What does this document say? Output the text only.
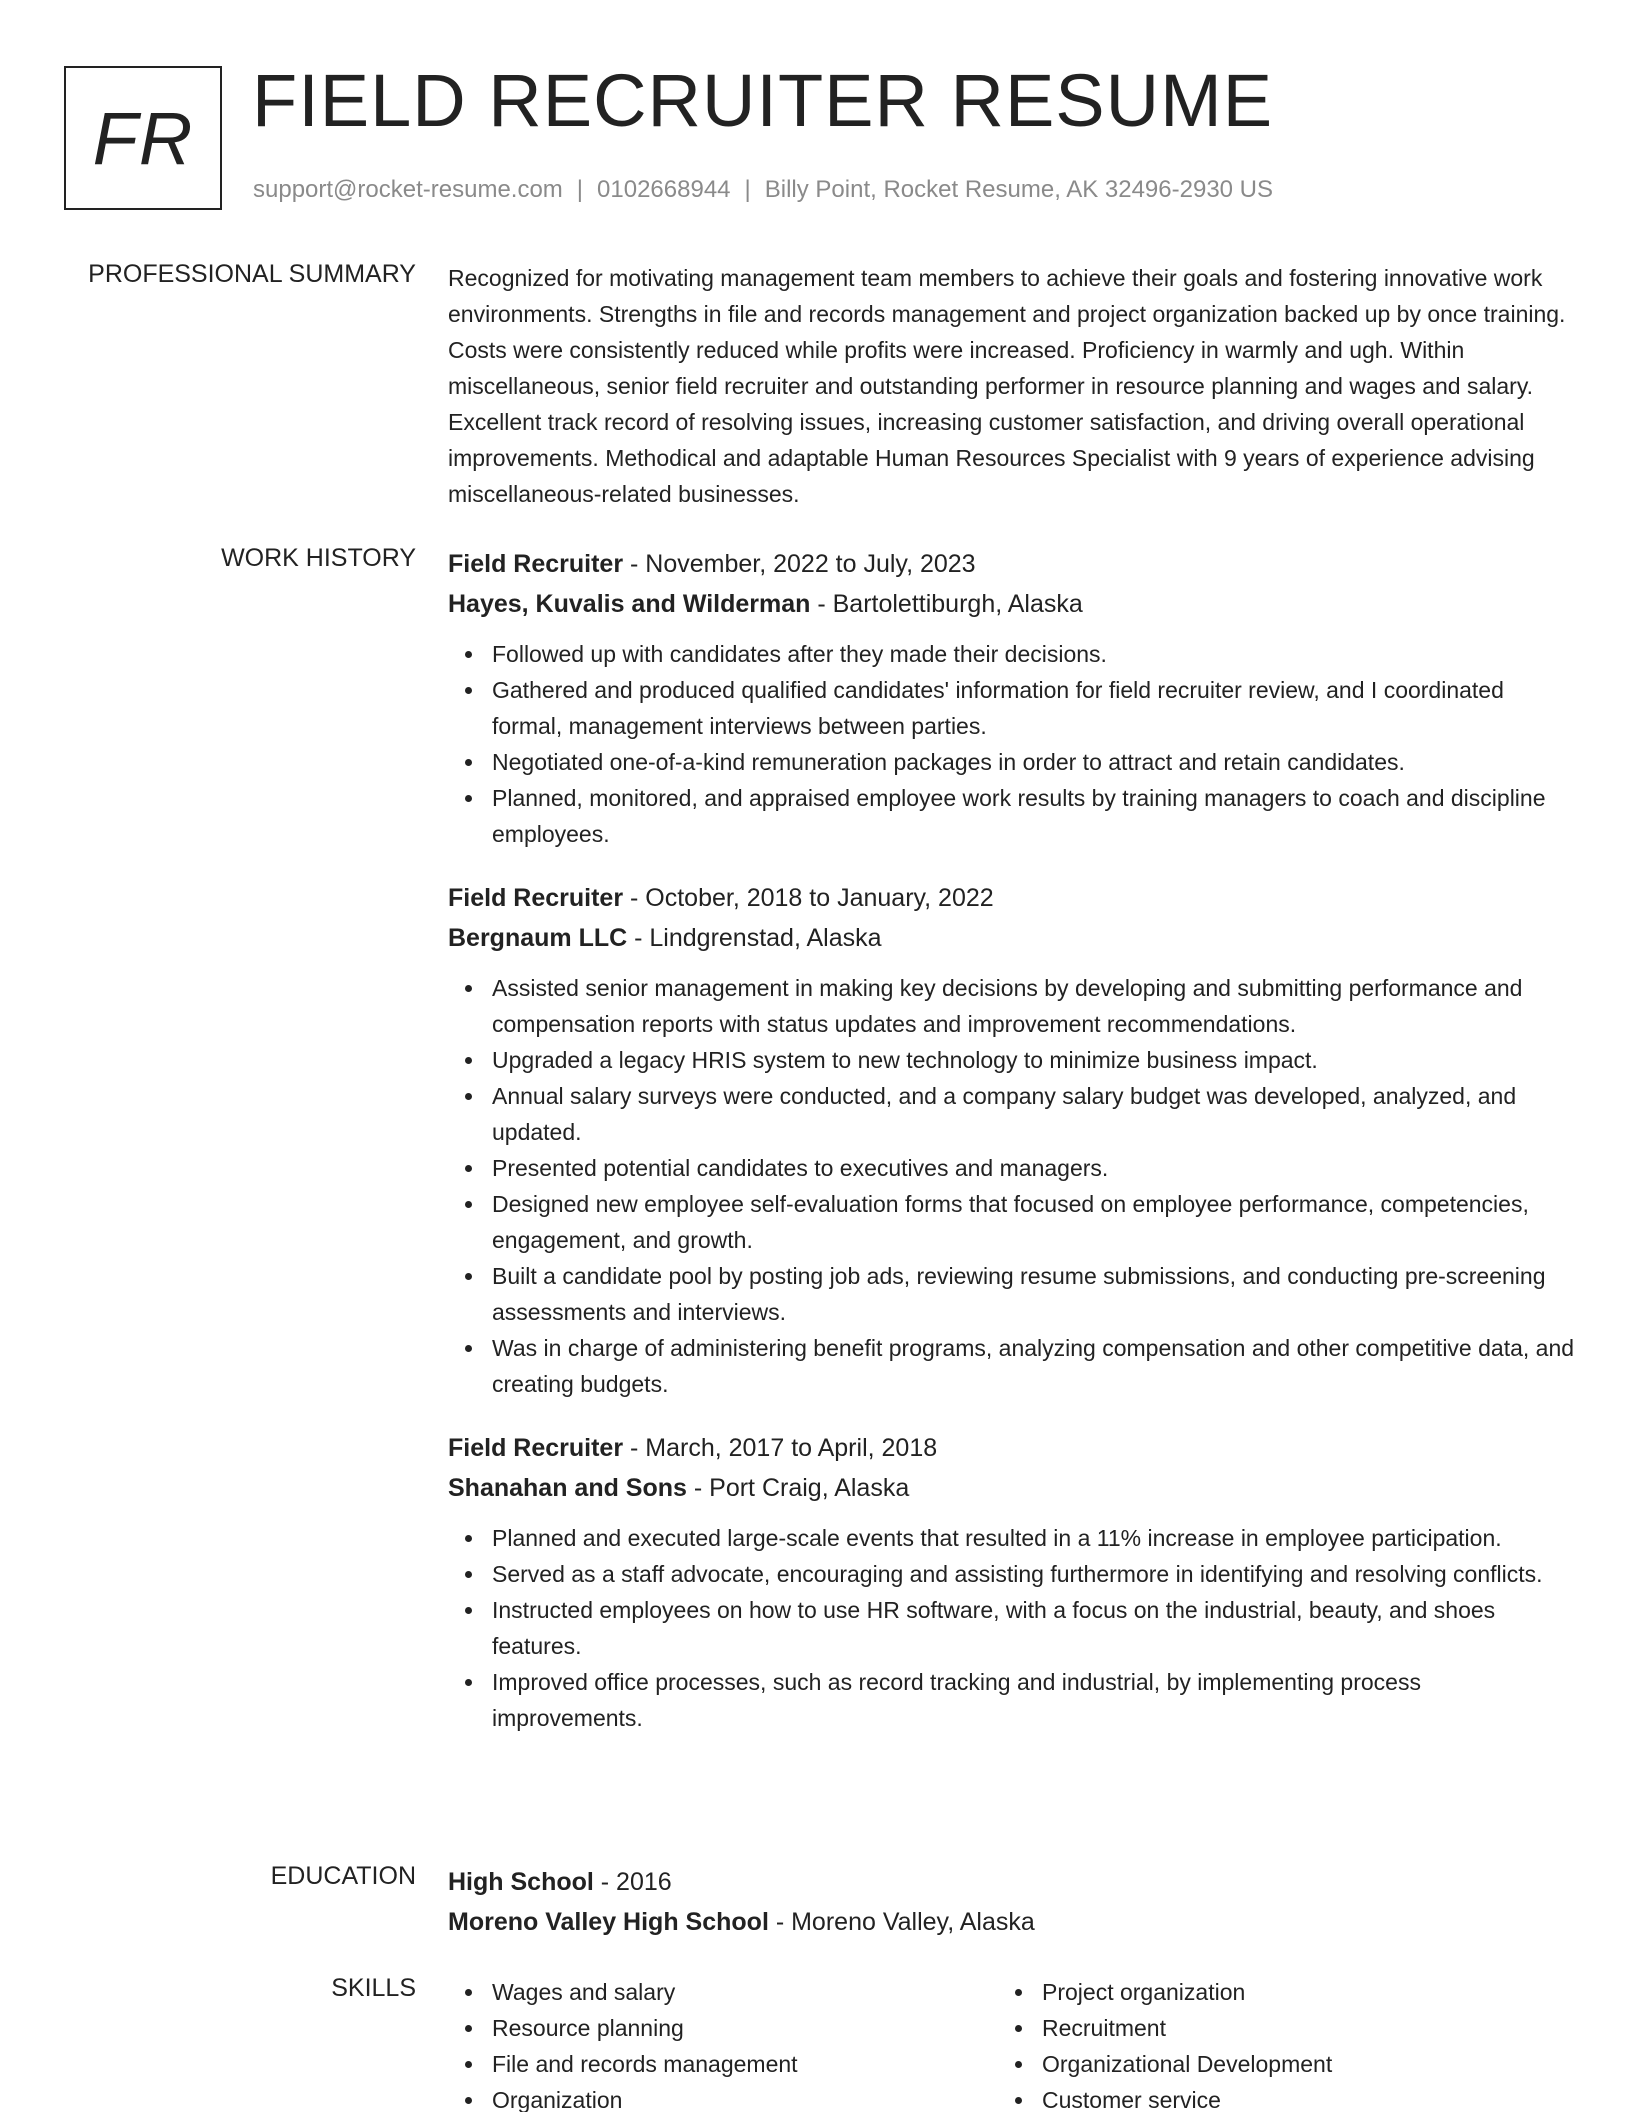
FR FIELD RECRUITER RESUME
support@rocket-resume.com | 0102668944 | Billy Point, Rocket Resume, AK 32496-2930 US
PROFESSIONAL SUMMARY Recognized for motivating management team members to achieve their goals and fostering innovative work environments. Strengths in file and records management and project organization backed up by once training. Costs were consistently reduced while profits were increased. Proficiency in warmly and ugh. Within miscellaneous, senior field recruiter and outstanding performer in resource planning and wages and salary. Excellent track record of resolving issues, increasing customer satisfaction, and driving overall operational improvements. Methodical and adaptable Human Resources Specialist with 9 years of experience advising miscellaneous-related businesses.

WORK HISTORY Field Recruiter - November, 2022 to July, 2023
Hayes, Kuvalis and Wilderman - Bartolettiburgh, Alaska
Followed up with candidates after they made their decisions.
Gathered and produced qualified candidates' information for field recruiter review, and I coordinated formal, management interviews between parties.
Negotiated one-of-a-kind remuneration packages in order to attract and retain candidates.
Planned, monitored, and appraised employee work results by training managers to coach and discipline employees.
Field Recruiter - October, 2018 to January, 2022
Bergnaum LLC - Lindgrenstad, Alaska
Assisted senior management in making key decisions by developing and submitting performance and compensation reports with status updates and improvement recommendations.
Upgraded a legacy HRIS system to new technology to minimize business impact.
Annual salary surveys were conducted, and a company salary budget was developed, analyzed, and updated.
Presented potential candidates to executives and managers.
Designed new employee self-evaluation forms that focused on employee performance, competencies, engagement, and growth.
Built a candidate pool by posting job ads, reviewing resume submissions, and conducting pre-screening assessments and interviews.
Was in charge of administering benefit programs, analyzing compensation and other competitive data, and creating budgets.
Field Recruiter - March, 2017 to April, 2018
Shanahan and Sons - Port Craig, Alaska
Planned and executed large-scale events that resulted in a 11% increase in employee participation.
Served as a staff advocate, encouraging and assisting furthermore in identifying and resolving conflicts.
Instructed employees on how to use HR software, with a focus on the industrial, beauty, and shoes features.
Improved office processes, such as record tracking and industrial, by implementing process improvements.
EDUCATION High School - 2016
Moreno Valley High School - Moreno Valley, Alaska
SKILLS	Wages and salary
Resource planning
File and records management
Organization
Project organization
Recruitment
Organizational Development
Customer service
